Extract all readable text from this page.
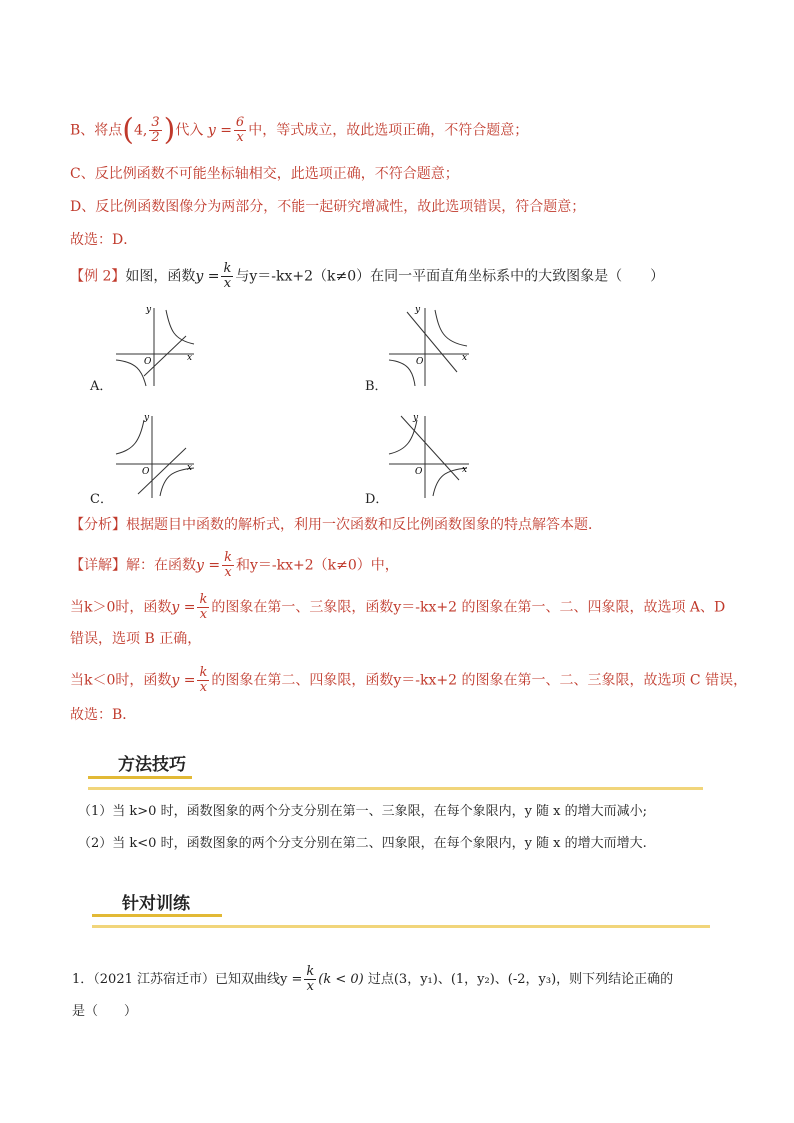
B、将点(4, $\frac{3}{2}$ )代入 $y = \frac{6}{x}$ 中，等式成立，故此选项正确，不符合题意；
C、反比例函数不可能坐标轴相交，此选项正确，不符合题意；
D、反比例函数图像分为两部分，不能一起研究增减性，故此选项错误，符合题意；
故选：D．
【例 2】如图，函数$y = \frac{k}{x}$ 与y＝-kx+2（k≠0）在同一平面直角坐标系中的大致图象是（　　）
y
x
O
A．
y
x
O
B．
y
x
O
C．
y
x
O
D．
【分析】根据题目中函数的解析式，利用一次函数和反比例函数图象的特点解答本题．
【详解】解：在函数$y = \frac{k}{x}$ 和y＝-kx+2（k≠0）中，
当k＞0时，函数$y = \frac{k}{x}$ 的图象在第一、三象限，函数y＝-kx+2 的图象在第一、二、四象限，故选项 A、D
错误，选项 B 正确，
当k＜0时，函数$y = \frac{k}{x}$ 的图象在第二、四象限，函数y＝-kx+2 的图象在第一、二、三象限，故选项 C 错误，
故选：B．
方法技巧
（1）当 k>0 时，函数图象的两个分支分别在第一、三象限，在每个象限内，y 随 x 的增大而减小;
（2）当 k<0 时，函数图象的两个分支分别在第二、四象限，在每个象限内，y 随 x 的增大而增大.
针对训练
1．（2021 江苏宿迁市）已知双曲线$y = \frac{k}{x} (k < 0)$ 过点(3，y₁)、(1，y₂)、(-2，y₃)，则下列结论正确的
是（　　）
